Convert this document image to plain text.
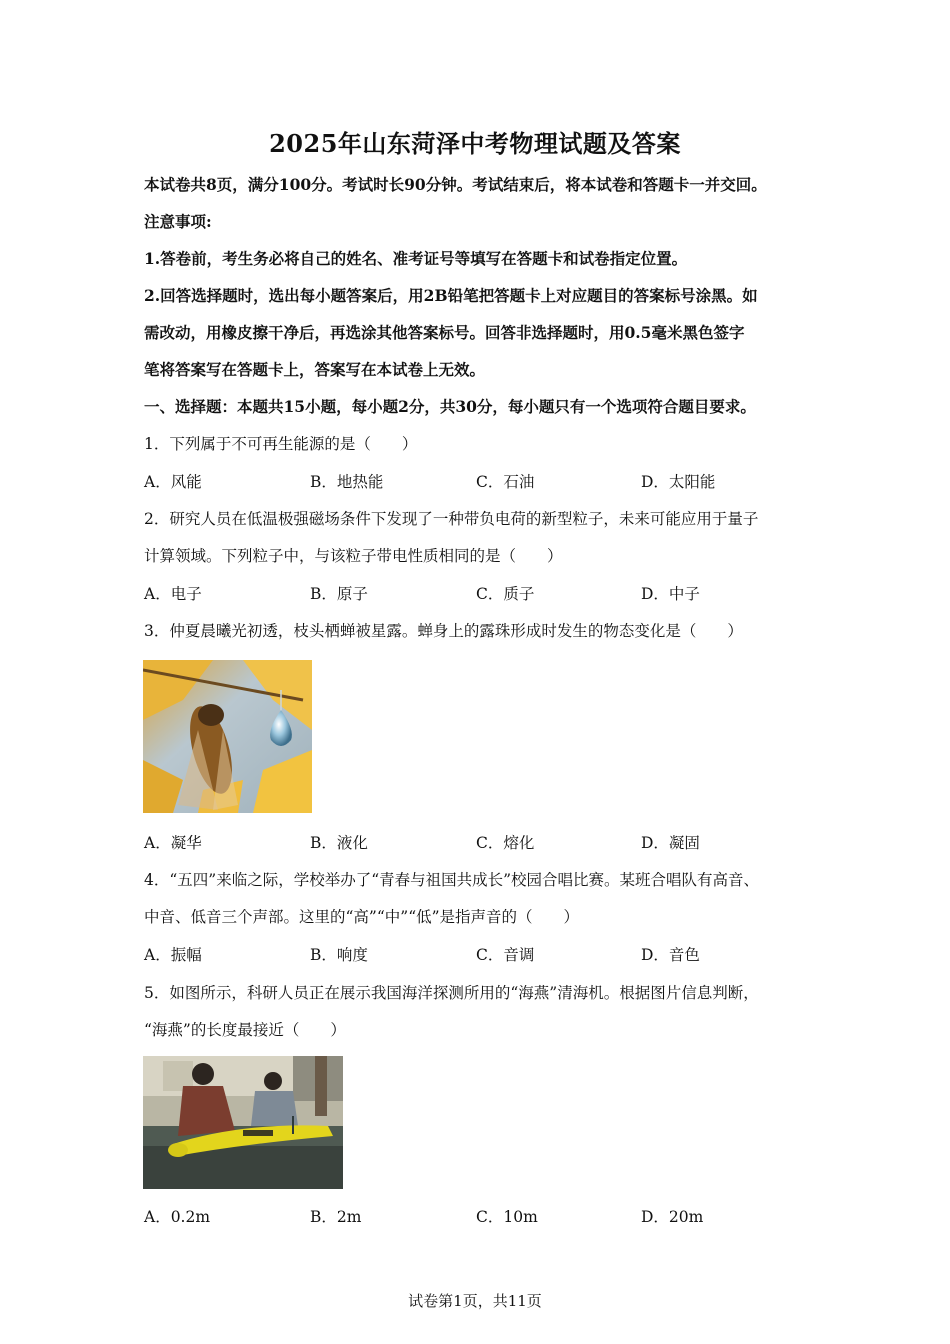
2025年山东菏泽中考物理试题及答案
本试卷共8页，满分100分。考试时长90分钟。考试结束后，将本试卷和答题卡一并交回。
注意事项:
1.答卷前，考生务必将自己的姓名、准考证号等填写在答题卡和试卷指定位置。
2.回答选择题时，选出每小题答案后，用2B铅笔把答题卡上对应题目的答案标号涂黑。如
需改动，用橡皮擦干净后，再选涂其他答案标号。回答非选择题时，用0.5毫米黑色签字
笔将答案写在答题卡上，答案写在本试卷上无效。
一、选择题：本题共15小题，每小题2分，共30分，每小题只有一个选项符合题目要求。
1．下列属于不可再生能源的是（　　）
A．风能	B．地热能	C．石油	D．太阳能
2．研究人员在低温极强磁场条件下发现了一种带负电荷的新型粒子，未来可能应用于量子
计算领域。下列粒子中，与该粒子带电性质相同的是（　　）
A．电子	B．原子	C．质子	D．中子
3．仲夏晨曦光初透，枝头栖蝉被星露。蝉身上的露珠形成时发生的物态变化是（　　）
A．凝华	B．液化	C．熔化	D．凝固
4．“五四”来临之际，学校举办了“青春与祖国共成长”校园合唱比赛。某班合唱队有高音、
中音、低音三个声部。这里的“高”“中”“低”是指声音的（　　）
A．振幅	B．响度	C．音调	D．音色
5．如图所示，科研人员正在展示我国海洋探测所用的“海燕”清海机。根据图片信息判断，
“海燕”的长度最接近（　　）
A．0.2m	B．2m	C．10m	D．20m
试卷第1页，共11页
